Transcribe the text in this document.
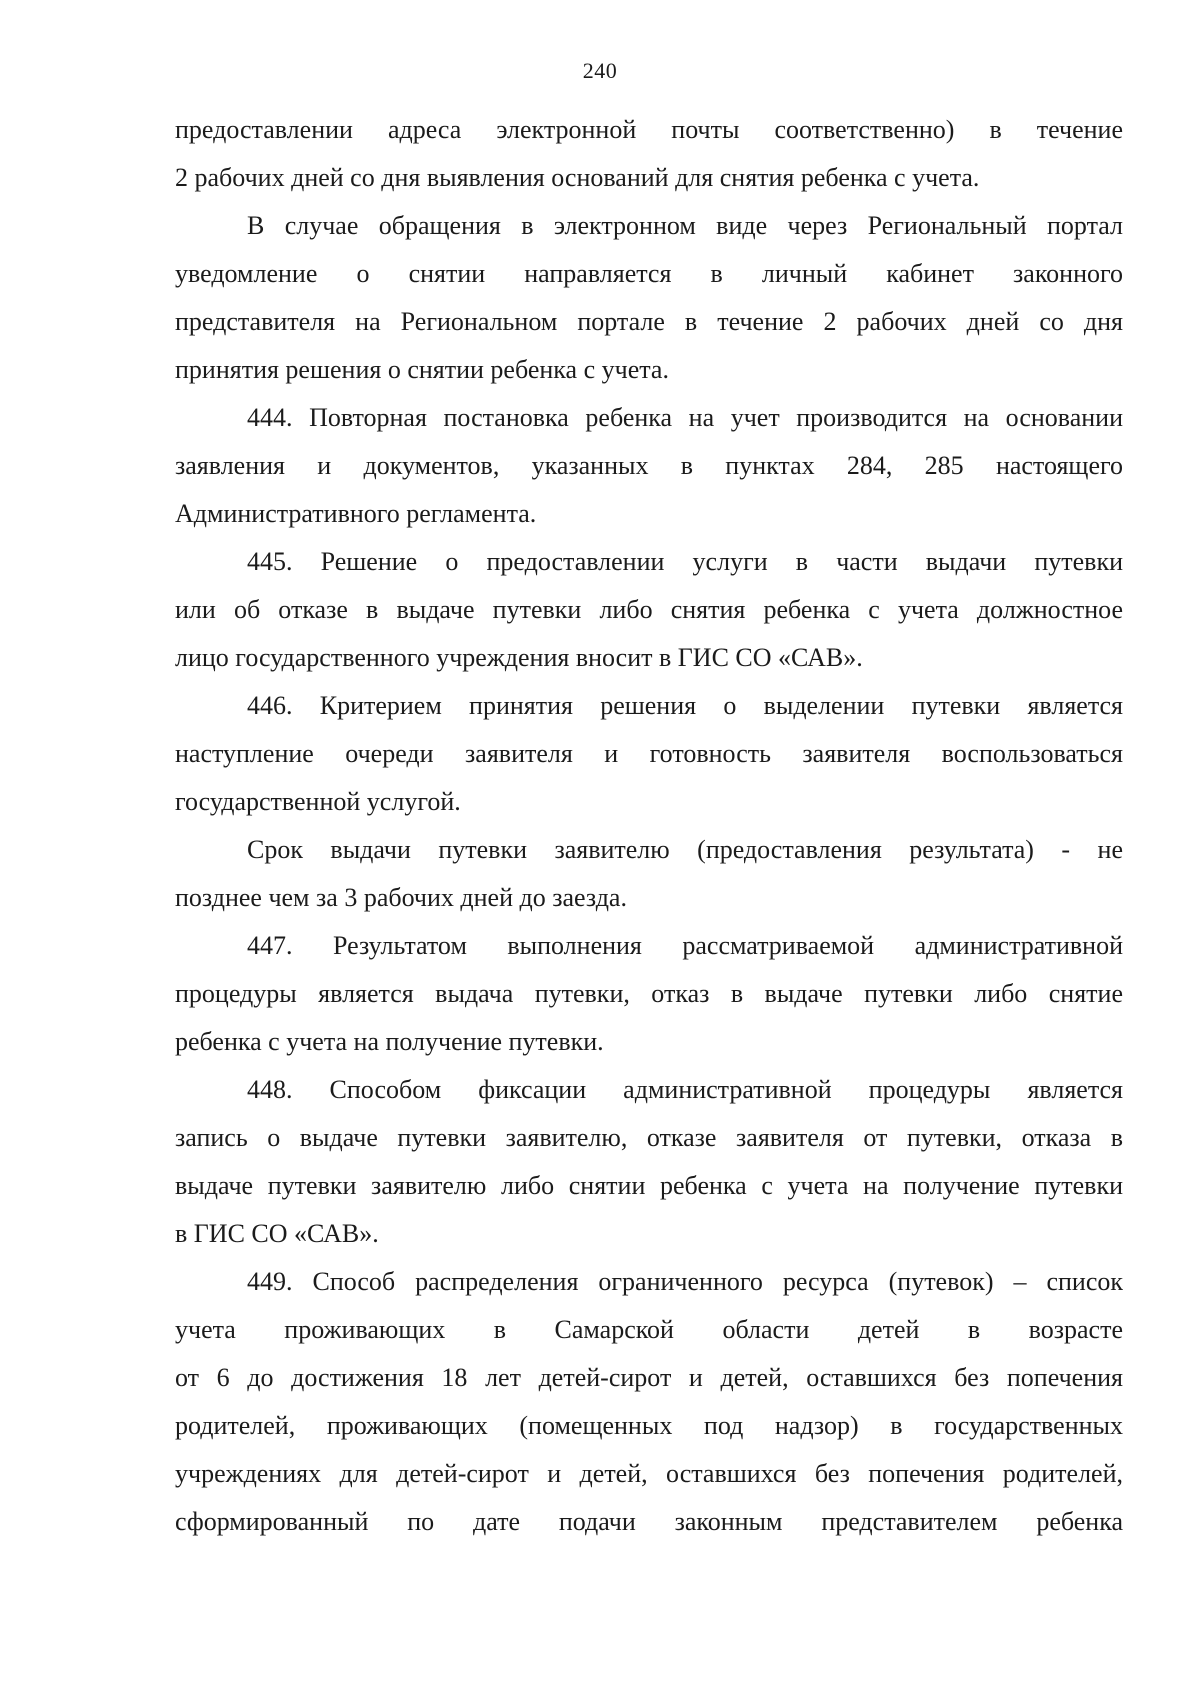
240
предоставлении адреса электронной почты соответственно) в течение
2 рабочих дней со дня выявления оснований для снятия ребенка с учета.
В случае обращения в электронном виде через Региональный портал
уведомление о снятии направляется в личный кабинет законного
представителя на Региональном портале в течение 2 рабочих дней со дня
принятия решения о снятии ребенка с учета.
444. Повторная постановка ребенка на учет производится на основании
заявления и документов, указанных в пунктах 284, 285 настоящего
Административного регламента.
445. Решение о предоставлении услуги в части выдачи путевки
или об отказе в выдаче путевки либо снятия ребенка с учета должностное
лицо государственного учреждения вносит в ГИС СО «САВ».
446. Критерием принятия решения о выделении путевки является
наступление очереди заявителя и готовность заявителя воспользоваться
государственной услугой.
Срок выдачи путевки заявителю (предоставления результата) - не
позднее чем за 3 рабочих дней до заезда.
447. Результатом выполнения рассматриваемой административной
процедуры является выдача путевки, отказ в выдаче путевки либо снятие
ребенка с учета на получение путевки.
448. Способом фиксации административной процедуры является
запись о выдаче путевки заявителю, отказе заявителя от путевки, отказа в
выдаче путевки заявителю либо снятии ребенка с учета на получение путевки
в ГИС СО «САВ».
449. Способ распределения ограниченного ресурса (путевок) – список
учета проживающих в Самарской области детей в возрасте
от 6 до достижения 18 лет детей-сирот и детей, оставшихся без попечения
родителей, проживающих (помещенных под надзор) в государственных
учреждениях для детей-сирот и детей, оставшихся без попечения родителей,
сформированный по дате подачи законным представителем ребенка
